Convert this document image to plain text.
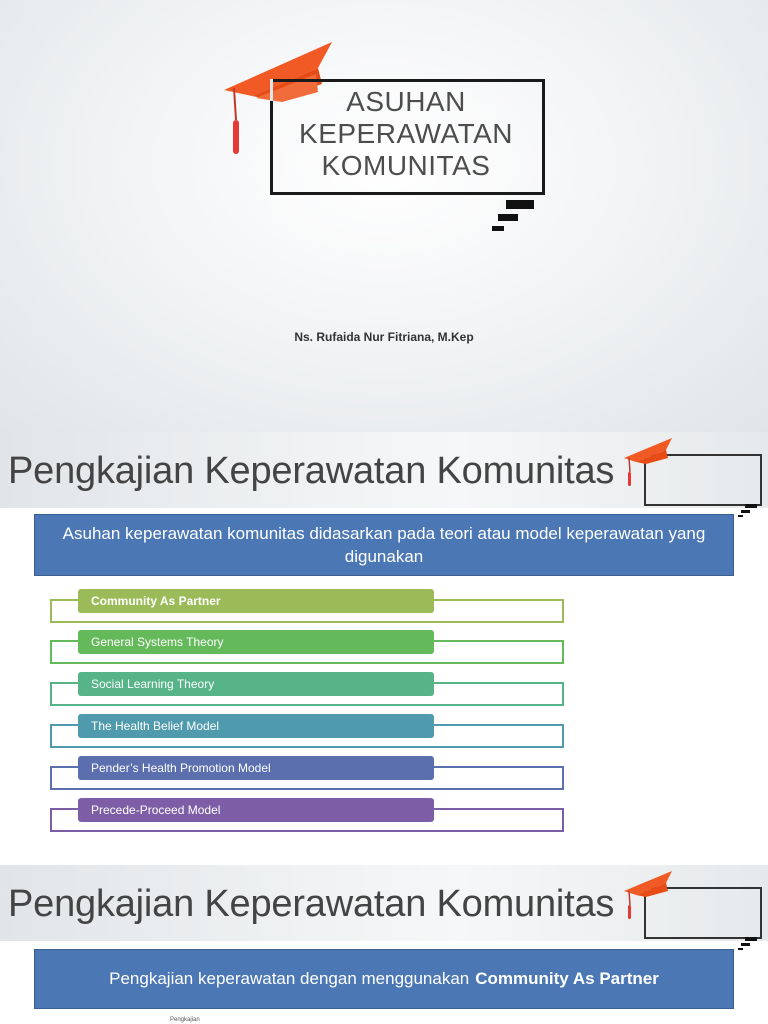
ASUHAN
KEPERAWATAN
KOMUNITAS
Ns. Rufaida Nur Fitriana, M.Kep
Pengkajian Keperawatan Komunitas
Asuhan keperawatan komunitas didasarkan pada teori atau model keperawatan yang digunakan
Community As Partner
General Systems Theory
Social Learning Theory
The Health Belief Model
Pender’s Health Promotion Model
Precede-Proceed Model
Pengkajian Keperawatan Komunitas
Pengkajian keperawatan dengan menggunakan Community As Partner
Pengkajian
